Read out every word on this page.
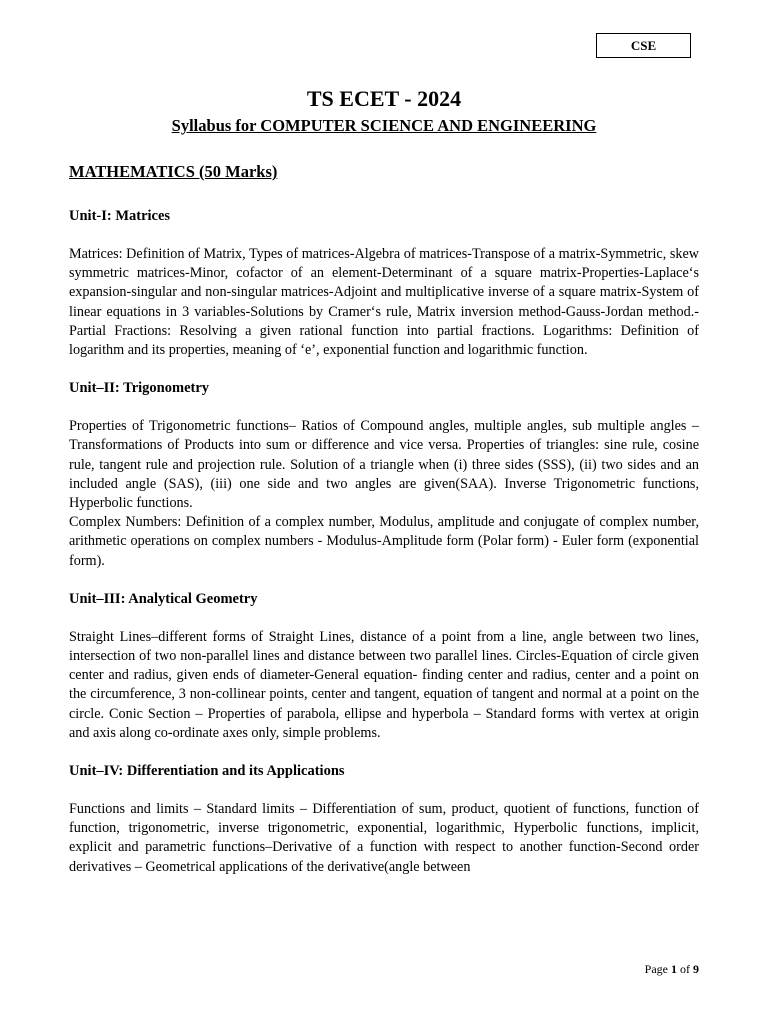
CSE
TS ECET - 2024
Syllabus for COMPUTER SCIENCE AND ENGINEERING
MATHEMATICS (50 Marks)
Unit-I: Matrices

Matrices: Definition of Matrix, Types of matrices-Algebra of matrices-Transpose of a matrix-Symmetric, skew symmetric matrices-Minor, cofactor of an element-Determinant of a square matrix-Properties-Laplace‘s expansion-singular and non-singular matrices-Adjoint and multiplicative inverse of a square matrix-System of linear equations in 3 variables-Solutions by Cramer‘s rule, Matrix inversion method-Gauss-Jordan method.-Partial Fractions: Resolving a given rational function into partial fractions. Logarithms: Definition of logarithm and its properties, meaning of ‘e’, exponential function and logarithmic function.

Unit–II: Trigonometry

Properties of Trigonometric functions– Ratios of Compound angles, multiple angles, sub multiple angles – Transformations of Products into sum or difference and vice versa. Properties of triangles: sine rule, cosine rule, tangent rule and projection rule. Solution of a triangle when (i) three sides (SSS), (ii) two sides and an included angle (SAS), (iii) one side and two angles are given(SAA). Inverse Trigonometric functions, Hyperbolic functions.

Complex Numbers: Definition of a complex number, Modulus, amplitude and conjugate of complex number, arithmetic operations on complex numbers - Modulus-Amplitude form (Polar form) - Euler form (exponential form).

Unit–III: Analytical Geometry

Straight Lines–different forms of Straight Lines, distance of a point from a line, angle between two lines, intersection of two non-parallel lines and distance between two parallel lines. Circles-Equation of circle given center and radius, given ends of diameter-General equation- finding center and radius, center and a point on the circumference, 3 non-collinear points, center and tangent, equation of tangent and normal at a point on the circle. Conic Section – Properties of parabola, ellipse and hyperbola – Standard forms with vertex at origin and axis along co-ordinate axes only, simple problems.

Unit–IV: Differentiation and its Applications

Functions and limits – Standard limits – Differentiation of sum, product, quotient of functions, function of function, trigonometric, inverse trigonometric, exponential, logarithmic, Hyperbolic functions, implicit, explicit and parametric functions–Derivative of a function with respect to another function-Second order derivatives – Geometrical applications of the derivative(angle between

Page 1 of 9
